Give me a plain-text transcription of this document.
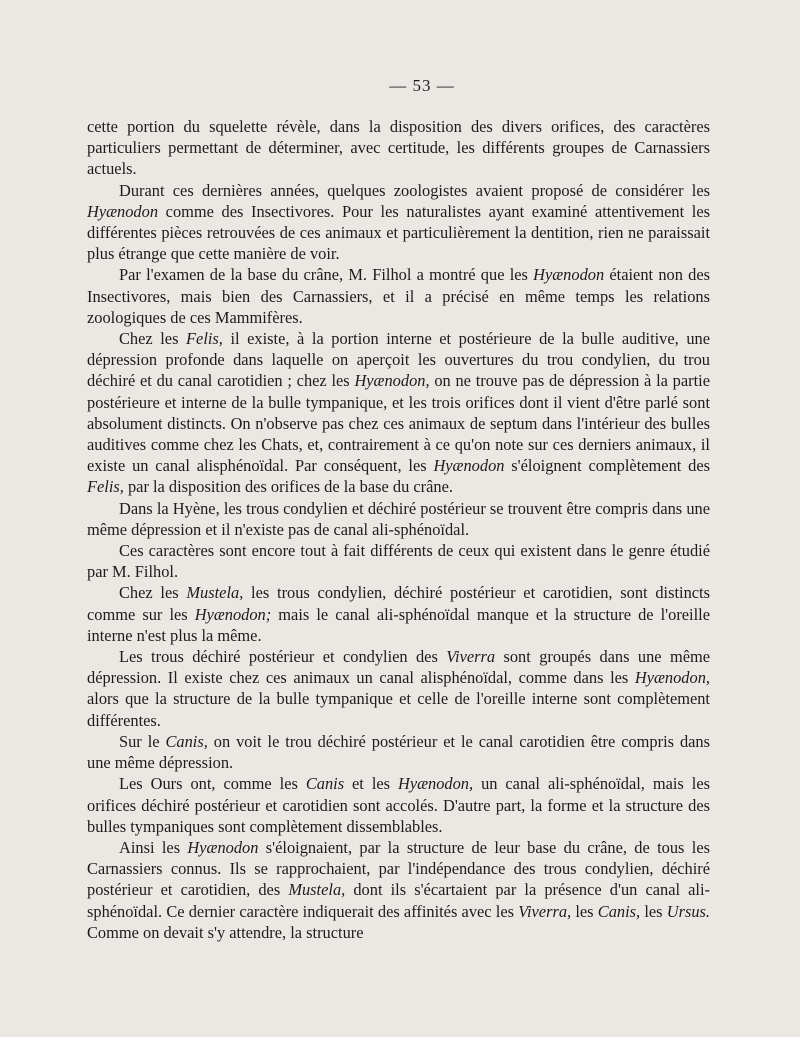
— 53 —

cette portion du squelette révèle, dans la disposition des divers orifices, des caractères particuliers permettant de déterminer, avec certitude, les différents groupes de Carnassiers actuels.

Durant ces dernières années, quelques zoologistes avaient proposé de considérer les Hyænodon comme des Insectivores. Pour les naturalistes ayant examiné attentivement les différentes pièces retrouvées de ces animaux et particulièrement la dentition, rien ne paraissait plus étrange que cette manière de voir.

Par l'examen de la base du crâne, M. Filhol a montré que les Hyænodon étaient non des Insectivores, mais bien des Carnassiers, et il a précisé en même temps les relations zoologiques de ces Mammifères.

Chez les Felis, il existe, à la portion interne et postérieure de la bulle auditive, une dépression profonde dans laquelle on aperçoit les ouvertures du trou condylien, du trou déchiré et du canal carotidien ; chez les Hyænodon, on ne trouve pas de dépression à la partie postérieure et interne de la bulle tympanique, et les trois orifices dont il vient d'être parlé sont absolument distincts. On n'observe pas chez ces animaux de septum dans l'intérieur des bulles auditives comme chez les Chats, et, contrairement à ce qu'on note sur ces derniers animaux, il existe un canal alisphénoïdal. Par conséquent, les Hyænodon s'éloignent complètement des Felis, par la disposition des orifices de la base du crâne.

Dans la Hyène, les trous condylien et déchiré postérieur se trouvent être compris dans une même dépression et il n'existe pas de canal ali-sphénoïdal.

Ces caractères sont encore tout à fait différents de ceux qui existent dans le genre étudié par M. Filhol.

Chez les Mustela, les trous condylien, déchiré postérieur et carotidien, sont distincts comme sur les Hyænodon; mais le canal ali-sphénoïdal manque et la structure de l'oreille interne n'est plus la même.

Les trous déchiré postérieur et condylien des Viverra sont groupés dans une même dépression. Il existe chez ces animaux un canal alisphénoïdal, comme dans les Hyænodon, alors que la structure de la bulle tympanique et celle de l'oreille interne sont complètement différentes.

Sur le Canis, on voit le trou déchiré postérieur et le canal carotidien être compris dans une même dépression.

Les Ours ont, comme les Canis et les Hyænodon, un canal ali-sphénoïdal, mais les orifices déchiré postérieur et carotidien sont accolés. D'autre part, la forme et la structure des bulles tympaniques sont complètement dissemblables.

Ainsi les Hyænodon s'éloignaient, par la structure de leur base du crâne, de tous les Carnassiers connus. Ils se rapprochaient, par l'indépendance des trous condylien, déchiré postérieur et carotidien, des Mustela, dont ils s'écartaient par la présence d'un canal ali-sphénoïdal. Ce dernier caractère indiquerait des affinités avec les Viverra, les Canis, les Ursus. Comme on devait s'y attendre, la structure
